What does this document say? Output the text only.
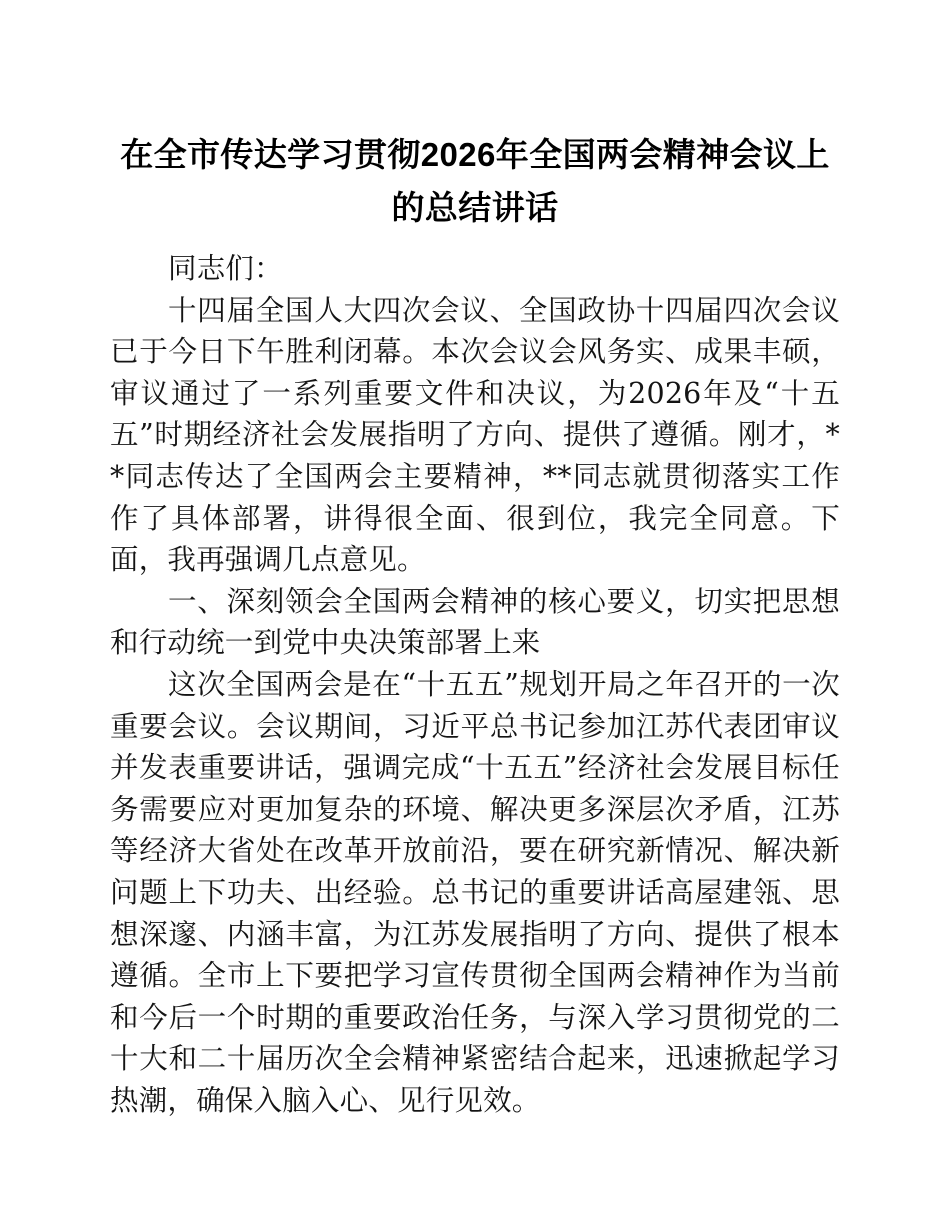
在全市传达学习贯彻2026年全国两会精神会议上的总结讲话

同志们：

十四届全国人大四次会议、全国政协十四届四次会议已于今日下午胜利闭幕。本次会议会风务实、成果丰硕，审议通过了一系列重要文件和决议，为2026年及“十五五”时期经济社会发展指明了方向、提供了遵循。刚才，**同志传达了全国两会主要精神，**同志就贯彻落实工作作了具体部署，讲得很全面、很到位，我完全同意。下面，我再强调几点意见。

一、深刻领会全国两会精神的核心要义，切实把思想和行动统一到党中央决策部署上来

这次全国两会是在“十五五”规划开局之年召开的一次重要会议。会议期间，习近平总书记参加江苏代表团审议并发表重要讲话，强调完成“十五五”经济社会发展目标任务需要应对更加复杂的环境、解决更多深层次矛盾，江苏等经济大省处在改革开放前沿，要在研究新情况、解决新问题上下功夫、出经验。总书记的重要讲话高屋建瓴、思想深邃、内涵丰富，为江苏发展指明了方向、提供了根本遵循。全市上下要把学习宣传贯彻全国两会精神作为当前和今后一个时期的重要政治任务，与深入学习贯彻党的二十大和二十届历次全会精神紧密结合起来，迅速掀起学习热潮，确保入脑入心、见行见效。
